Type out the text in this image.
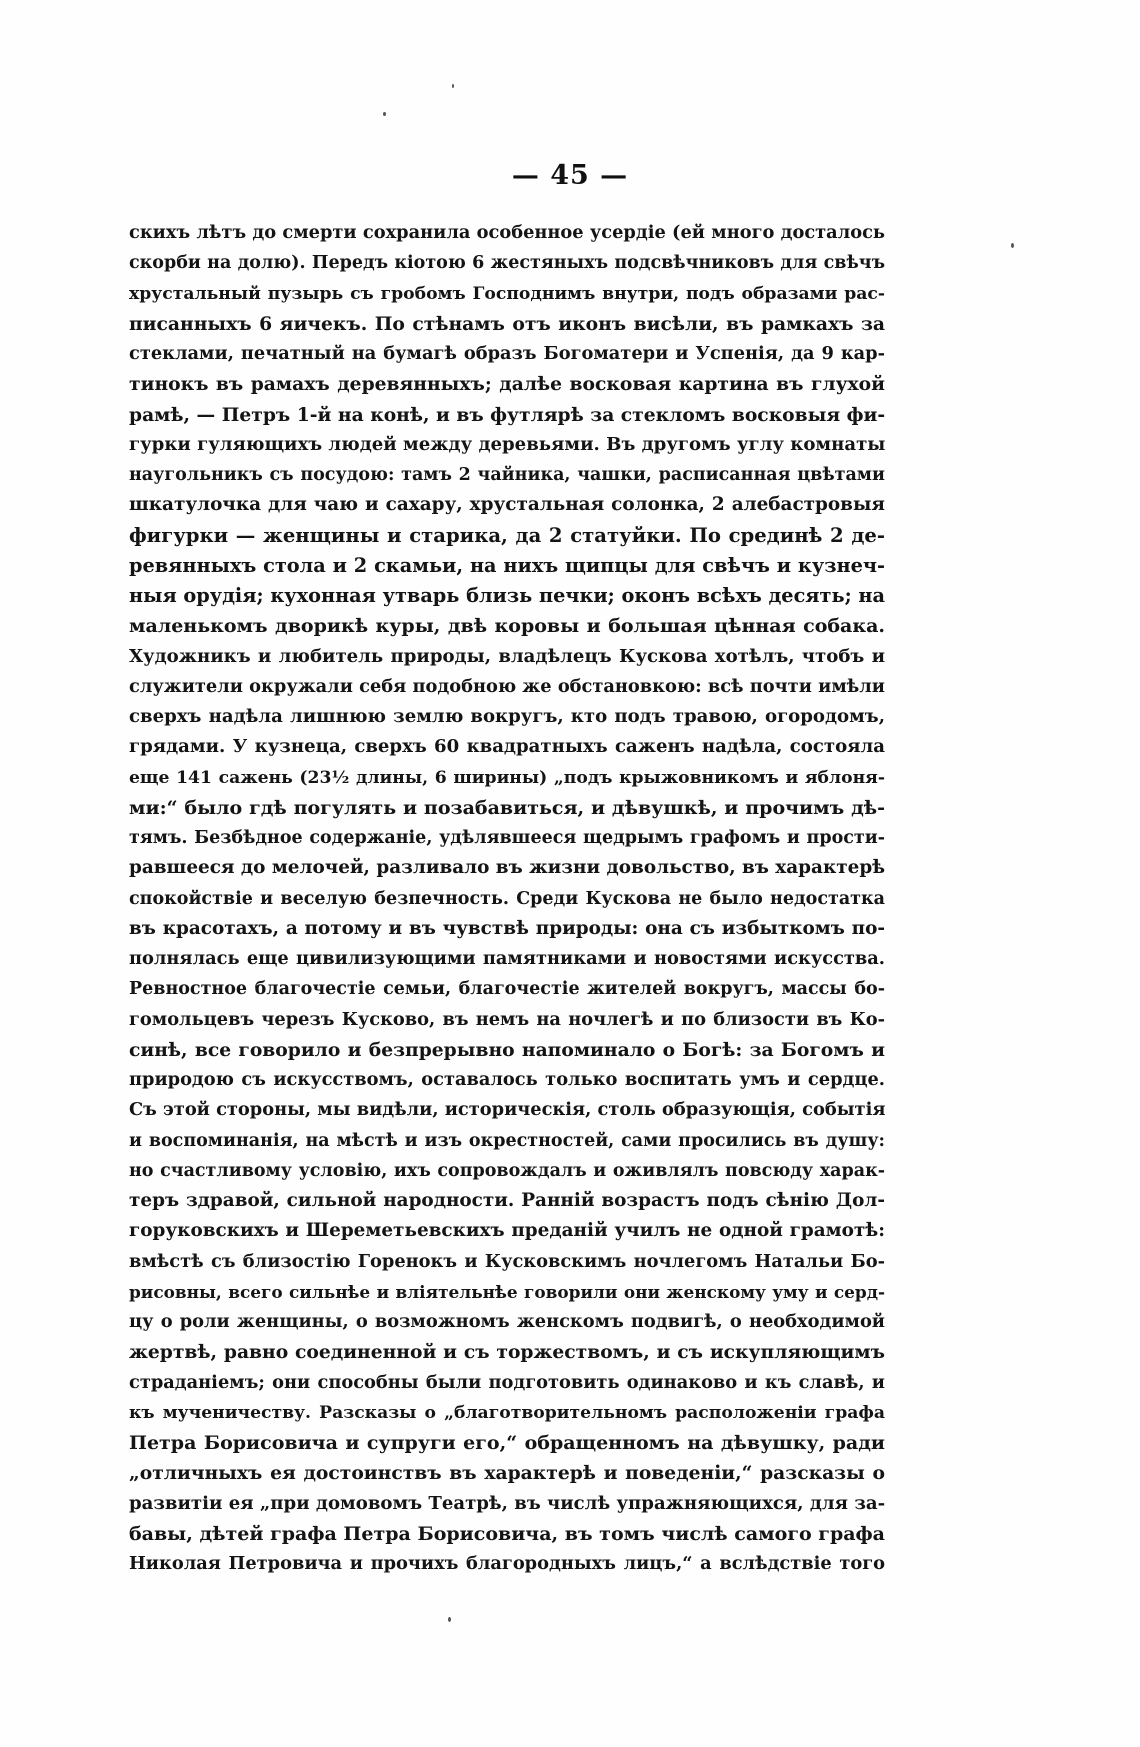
— 45 —
скихъ лѣтъ до смерти сохранила особенное усердіе (ей много досталось
скорби на долю). Передъ кіотою 6 жестяныхъ подсвѣчниковъ для свѣчъ
хрустальный пузырь съ гробомъ Господнимъ внутри, подъ образами рас-
писанныхъ 6 яичекъ. По стѣнамъ отъ иконъ висѣли, въ рамкахъ за
стеклами, печатный на бумагѣ образъ Богоматери и Успенія, да 9 кар-
тинокъ въ рамахъ деревянныхъ; далѣе восковая картина въ глухой
рамѣ, — Петръ 1-й на конѣ, и въ футлярѣ за стекломъ восковыя фи-
гурки гуляющихъ людей между деревьями. Въ другомъ углу комнаты
наугольникъ съ посудою: тамъ 2 чайника, чашки, расписанная цвѣтами
шкатулочка для чаю и сахару, хрустальная солонка, 2 алебастровыя
фигурки — женщины и старика, да 2 статуйки. По срединѣ 2 де-
ревянныхъ стола и 2 скамьи, на нихъ щипцы для свѣчъ и кузнеч-
ныя орудія; кухонная утварь близь печки; оконъ всѣхъ десять; на
маленькомъ дворикѣ куры, двѣ коровы и большая цѣнная собака.
Художникъ и любитель природы, владѣлецъ Кускова хотѣлъ, чтобъ и
служители окружали себя подобною же обстановкою: всѣ почти имѣли
сверхъ надѣла лишнюю землю вокругъ, кто подъ травою, огородомъ,
грядами. У кузнеца, сверхъ 60 квадратныхъ саженъ надѣла, состояла
еще 141 сажень (23½ длины, 6 ширины) „подъ крыжовникомъ и яблоня-
ми:“ было гдѣ погулять и позабавиться, и дѣвушкѣ, и прочимъ дѣ-
тямъ. Безбѣдное содержаніе, удѣлявшееся щедрымъ графомъ и прости-
равшееся до мелочей, разливало въ жизни довольство, въ характерѣ
спокойствіе и веселую безпечность. Среди Кускова не было недостатка
въ красотахъ, а потому и въ чувствѣ природы: она съ избыткомъ по-
полнялась еще цивилизующими памятниками и новостями искусства.
Ревностное благочестіе семьи, благочестіе жителей вокругъ, массы бо-
гомольцевъ черезъ Кусково, въ немъ на ночлегѣ и по близости въ Ко-
синѣ, все говорило и безпрерывно напоминало о Богѣ: за Богомъ и
природою съ искусствомъ, оставалось только воспитать умъ и сердце.
Съ этой стороны, мы видѣли, историческія, столь образующія, событія
и воспоминанія, на мѣстѣ и изъ окрестностей, сами просились въ душу:
но счастливому условію, ихъ сопровождалъ и оживлялъ повсюду харак-
теръ здравой, сильной народности. Ранній возрастъ подъ сѣнію Дол-
горуковскихъ и Шереметьевскихъ преданій училъ не одной грамотѣ:
вмѣстѣ съ близостію Горенокъ и Кусковскимъ ночлегомъ Натальи Бо-
рисовны, всего сильнѣе и вліятельнѣе говорили они женскому уму и серд-
цу о роли женщины, о возможномъ женскомъ подвигѣ, о необходимой
жертвѣ, равно соединенной и съ торжествомъ, и съ искупляющимъ
страданіемъ; они способны были подготовить одинаково и къ славѣ, и
къ мученичеству. Разсказы о „благотворительномъ расположеніи графа
Петра Борисовича и супруги его,“ обращенномъ на дѣвушку, ради
„отличныхъ ея достоинствъ въ характерѣ и поведеніи,“ разсказы о
развитіи ея „при домовомъ Театрѣ, въ числѣ упражняющихся, для за-
бавы, дѣтей графа Петра Борисовича, въ томъ числѣ самого графа
Николая Петровича и прочихъ благородныхъ лицъ,“ а вслѣдствіе того
